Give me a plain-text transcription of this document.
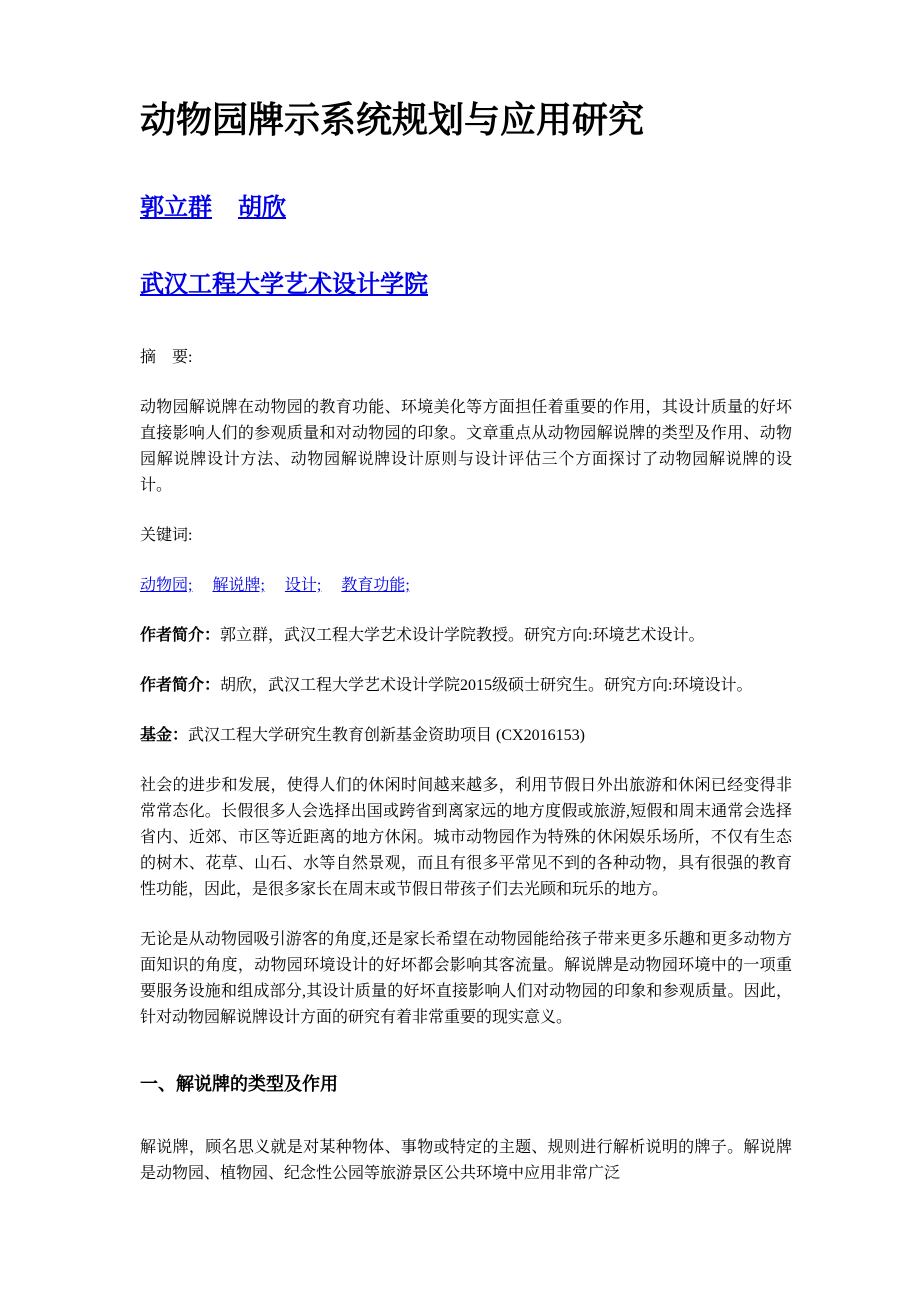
动物园牌示系统规划与应用研究
郭立群 胡欣
武汉工程大学艺术设计学院
摘    要:
动物园解说牌在动物园的教育功能、环境美化等方面担任着重要的作用，其设计质量的好坏直接影响人们的参观质量和对动物园的印象。文章重点从动物园解说牌的类型及作用、动物园解说牌设计方法、动物园解说牌设计原则与设计评估三个方面探讨了动物园解说牌的设计。
关键词:
动物园; 解说牌; 设计; 教育功能;
作者简介：郭立群，武汉工程大学艺术设计学院教授。研究方向:环境艺术设计。
作者简介：胡欣，武汉工程大学艺术设计学院2015级硕士研究生。研究方向:环境设计。
基金：武汉工程大学研究生教育创新基金资助项目 (CX2016153)
社会的进步和发展，使得人们的休闲时间越来越多，利用节假日外出旅游和休闲已经变得非常常态化。长假很多人会选择出国或跨省到离家远的地方度假或旅游,短假和周末通常会选择省内、近郊、市区等近距离的地方休闲。城市动物园作为特殊的休闲娱乐场所，不仅有生态的树木、花草、山石、水等自然景观，而且有很多平常见不到的各种动物，具有很强的教育性功能，因此，是很多家长在周末或节假日带孩子们去光顾和玩乐的地方。
无论是从动物园吸引游客的角度,还是家长希望在动物园能给孩子带来更多乐趣和更多动物方面知识的角度，动物园环境设计的好坏都会影响其客流量。解说牌是动物园环境中的一项重要服务设施和组成部分,其设计质量的好坏直接影响人们对动物园的印象和参观质量。因此，针对动物园解说牌设计方面的研究有着非常重要的现实意义。
一、解说牌的类型及作用
解说牌，顾名思义就是对某种物体、事物或特定的主题、规则进行解析说明的牌子。解说牌是动物园、植物园、纪念性公园等旅游景区公共环境中应用非常广泛
